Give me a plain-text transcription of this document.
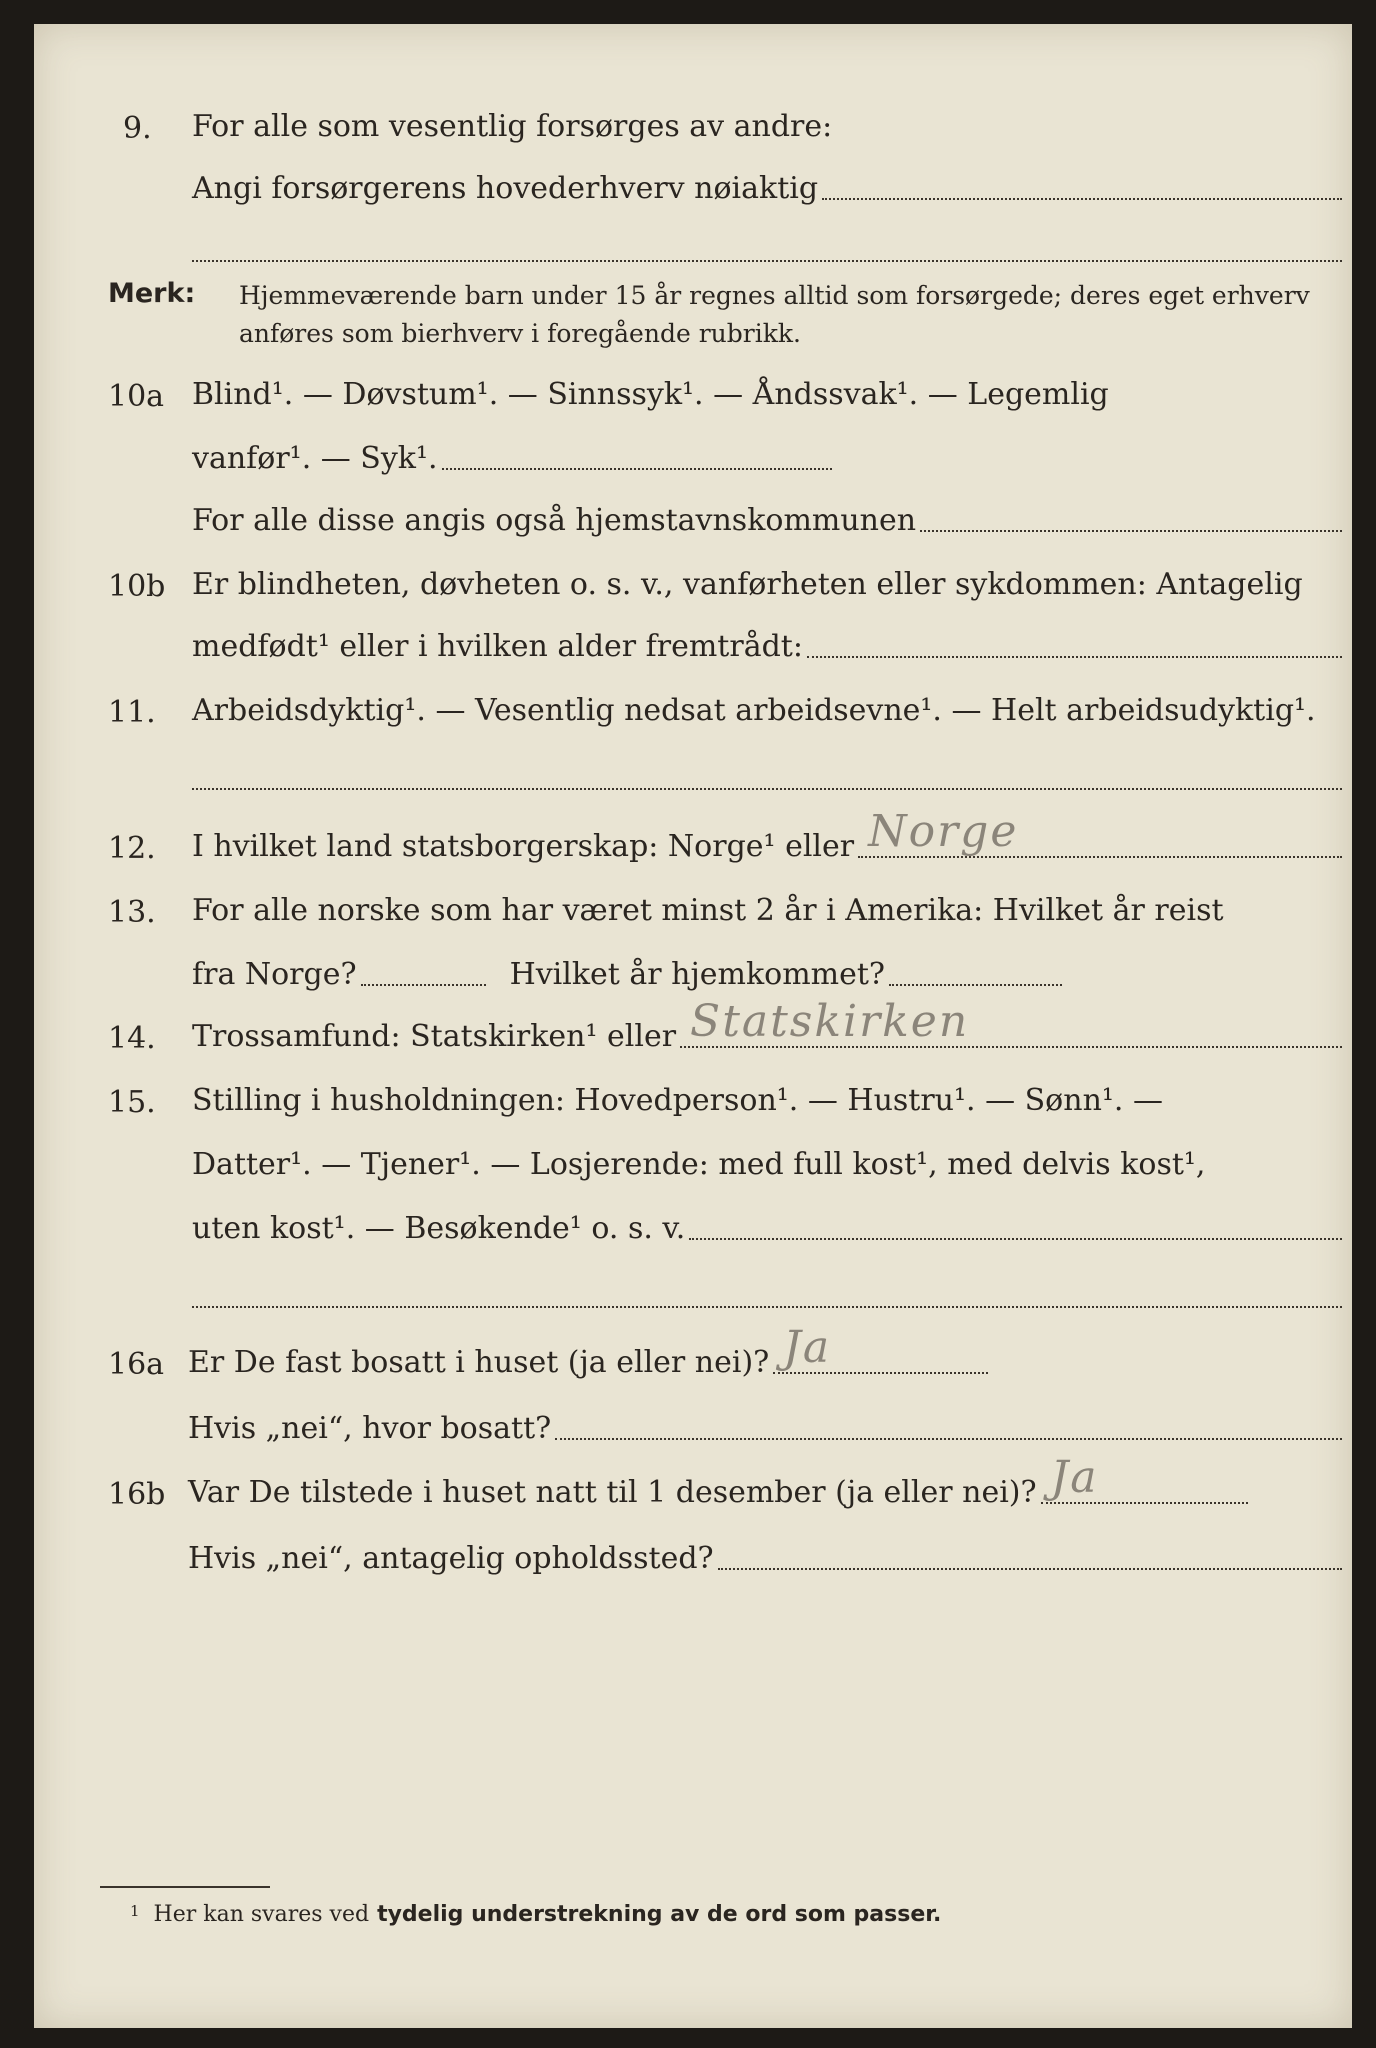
9. For alle som vesentlig forsørges av andre:
Angi forsørgerens hovederhverv nøiaktig
Merk: Hjemmeværende barn under 15 år regnes alltid som forsørgede; deres eget erhverv
anføres som bierhverv i foregående rubrikk.
10a Blind¹. — Døvstum¹. — Sinnssyk¹. — Åndssvak¹. — Legemlig
vanfør¹. — Syk¹.
For alle disse angis også hjemstavnskommunen
10b Er blindheten, døvheten o. s. v., vanførheten eller sykdommen: Antagelig
medfødt¹ eller i hvilken alder fremtrådt:
11. Arbeidsdyktig¹. — Vesentlig nedsat arbeidsevne¹. — Helt arbeidsudyktig¹.
12. I hvilket land statsborgerskap: Norge¹ eller Norge
13. For alle norske som har været minst 2 år i Amerika: Hvilket år reist
fra Norge?	Hvilket år hjemkommet?
14. Trossamfund: Statskirken¹ eller Statskirken
15. Stilling i husholdningen: Hovedperson¹. — Hustru¹. — Sønn¹. —
Datter¹. — Tjener¹. — Losjerende: med full kost¹, med delvis kost¹,
uten kost¹. — Besøkende¹ o. s. v.
16a Er De fast bosatt i huset (ja eller nei)? Ja
Hvis „nei“, hvor bosatt?
16b Var De tilstede i huset natt til 1 desember (ja eller nei)? Ja
Hvis „nei“, antagelig opholdssted?
1 Her kan svares ved tydelig understrekning av de ord som passer.
